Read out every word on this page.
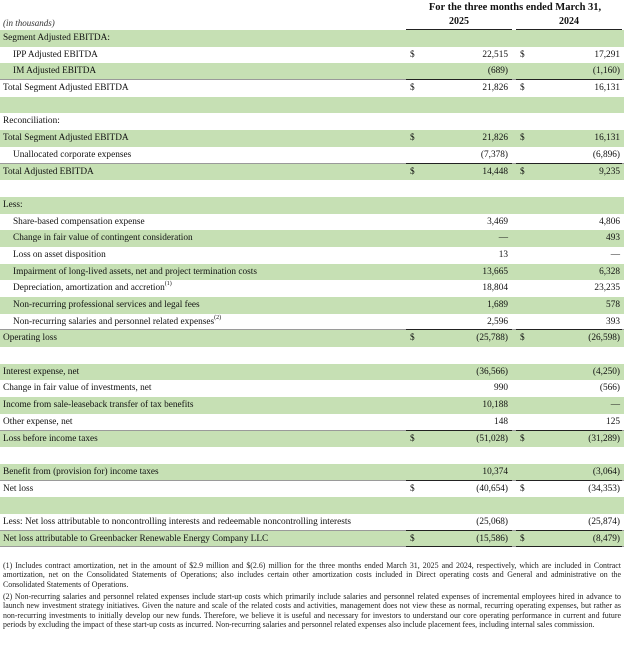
For the three months ended March 31,
(in thousands)	2025	2024
Segment Adjusted EBITDA:
IPP Adjusted EBITDA	$	22,515 $	17,291
IM Adjusted EBITDA	(689)	(1,160)
Total Segment Adjusted EBITDA	$	21,826 $	16,131
Reconciliation:
Total Segment Adjusted EBITDA	$	21,826 $	16,131
Unallocated corporate expenses	(7,378)	(6,896)
Total Adjusted EBITDA	$	14,448 $	9,235
Less:
Share-based compensation expense	3,469	4,806
Change in fair value of contingent consideration	—	493
Loss on asset disposition	13	—
Impairment of long-lived assets, net and project termination costs	13,665	6,328
Depreciation, amortization and accretion$^{(1)}$	18,804	23,235
Non-recurring professional services and legal fees	1,689	578
Non-recurring salaries and personnel related expenses$^{(2)}$	2,596	393
Operating loss	$	(25,788) $	(26,598)
Interest expense, net	(36,566)	(4,250)
Change in fair value of investments, net	990	(566)
Income from sale-leaseback transfer of tax benefits	10,188	—
Other expense, net	148	125
Loss before income taxes	$	(51,028) $	(31,289)
Benefit from (provision for) income taxes	10,374	(3,064)
Net loss	$	(40,654) $	(34,353)
Less: Net loss attributable to noncontrolling interests and redeemable noncontrolling interests	(25,068)	(25,874)
Net loss attributable to Greenbacker Renewable Energy Company LLC	$	(15,586) $	(8,479)

(1) Includes contract amortization, net in the amount of $2.9 million and $(2.6) million for the three months ended March 31, 2025 and 2024, respectively, which are included in Contract amortization, net on the Consolidated Statements of Operations; also includes certain other amortization costs included in Direct operating costs and General and administrative on the Consolidated Statements of Operations.

(2) Non-recurring salaries and personnel related expenses include start-up costs which primarily include salaries and personnel related expenses of incremental employees hired in advance to launch new investment strategy initiatives. Given the nature and scale of the related costs and activities, management does not view these as normal, recurring operating expenses, but rather as non-recurring investments to initially develop our new funds. Therefore, we believe it is useful and necessary for investors to understand our core operating performance in current and future periods by excluding the impact of these start-up costs as incurred. Non-recurring salaries and personnel related expenses also include placement fees, including internal sales commission.
